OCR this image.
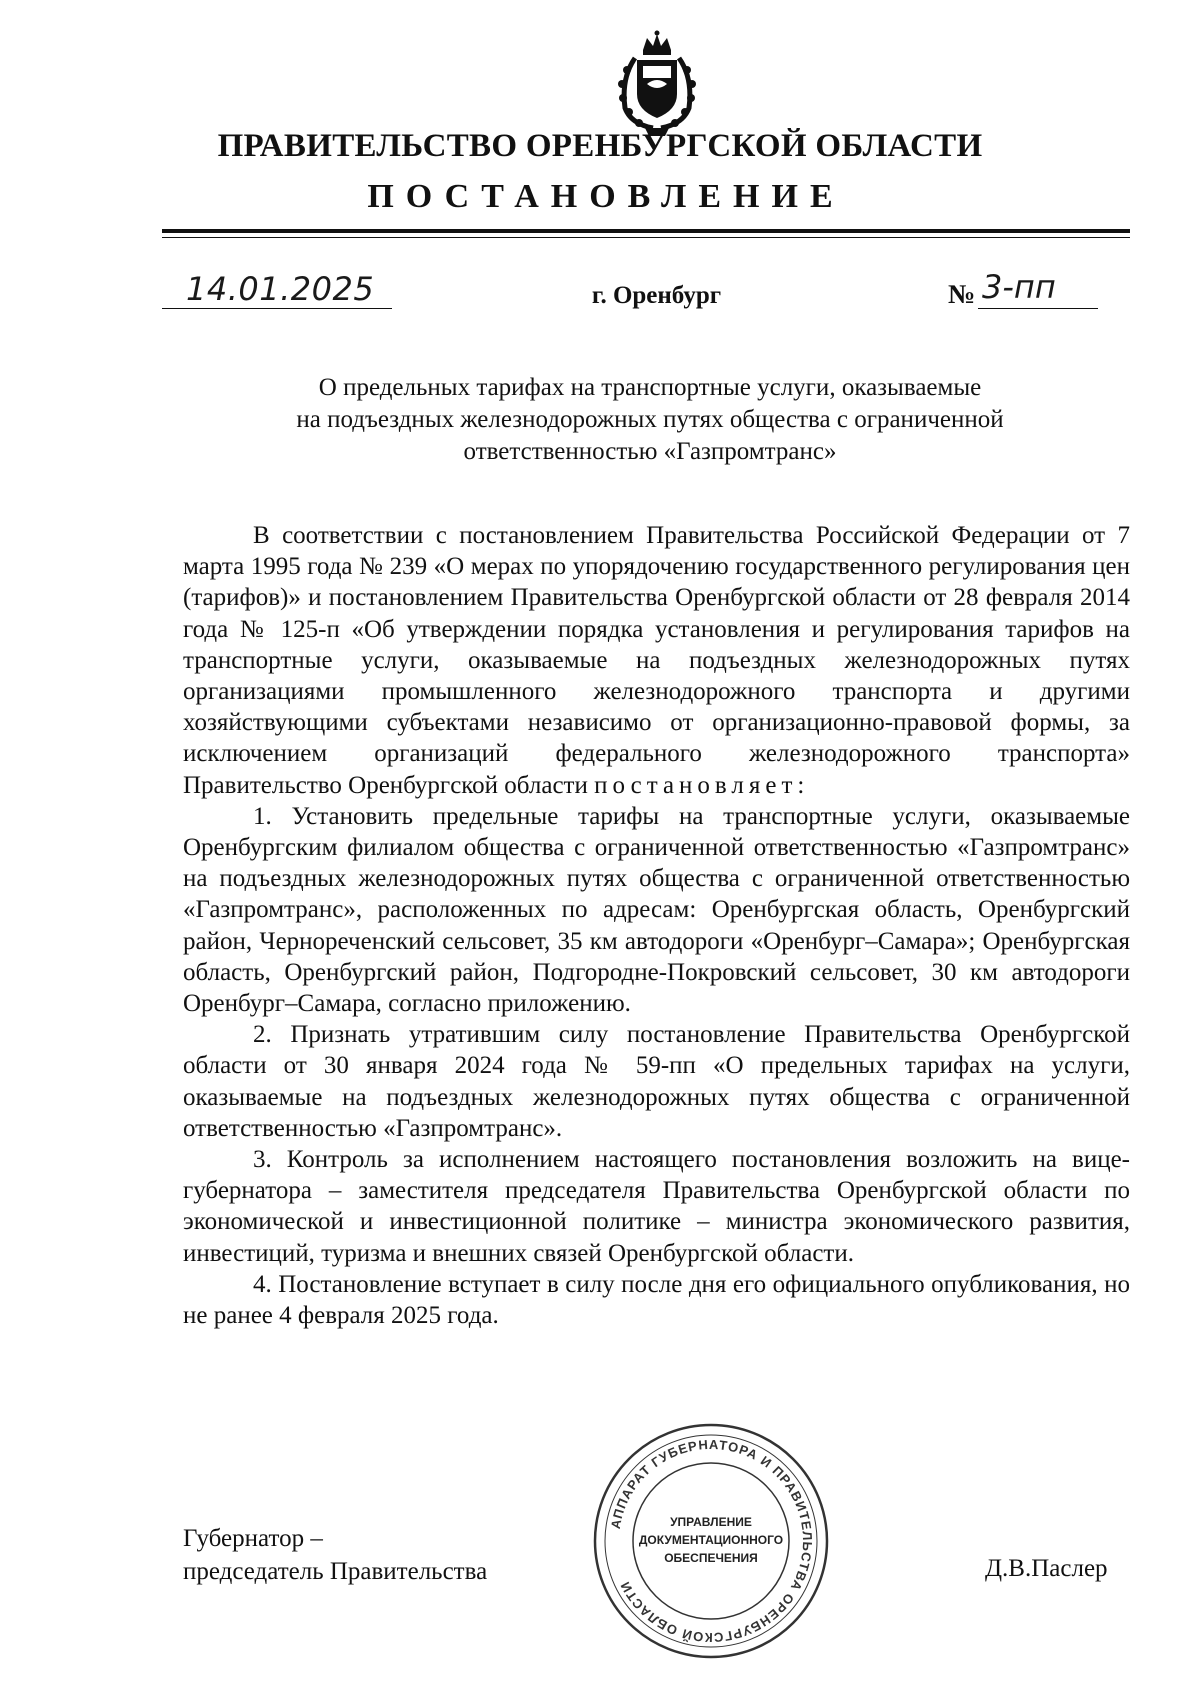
ПРАВИТЕЛЬСТВО ОРЕНБУРГСКОЙ ОБЛАСТИ
ПОСТАНОВЛЕНИЕ
14.01.2025	г. Оренбург	№ 3-пп
О предельных тарифах на транспортные услуги, оказываемые
на подъездных железнодорожных путях общества с ограниченной
ответственностью «Газпромтранс»

В соответствии с постановлением Правительства Российской Федерации от 7 марта 1995 года № 239 «О мерах по упорядочению государственного регулирования цен (тарифов)» и постановлением Правительства Оренбургской области от 28 февраля 2014 года № 125-п «Об утверждении порядка установления и регулирования тарифов на транспортные услуги, оказываемые на подъездных железнодорожных путях организациями промышленного железнодорожного транспорта и другими хозяйствующими субъектами независимо от организационно-правовой формы, за исключением организаций федерального железнодорожного транспорта» Правительство Оренбургской области постановляет:

1. Установить предельные тарифы на транспортные услуги, оказываемые Оренбургским филиалом общества с ограниченной ответственностью «Газпромтранс» на подъездных железнодорожных путях общества с ограниченной ответственностью «Газпромтранс», расположенных по адресам: Оренбургская область, Оренбургский район, Чернореченский сельсовет, 35 км автодороги «Оренбург–Самара»; Оренбургская область, Оренбургский район, Подгородне-Покровский сельсовет, 30 км автодороги Оренбург–Самара, согласно приложению.

2. Признать утратившим силу постановление Правительства Оренбургской области от 30 января 2024 года № 59-пп «О предельных тарифах на услуги, оказываемые на подъездных железнодорожных путях общества с ограниченной ответственностью «Газпромтранс».

3. Контроль за исполнением настоящего постановления возложить на вице-губернатора – заместителя председателя Правительства Оренбургской области по экономической и инвестиционной политике – министра экономического развития, инвестиций, туризма и внешних связей Оренбургской области.

4. Постановление вступает в силу после дня его официального опубликования, но не ранее 4 февраля 2025 года.

Губернатор –
председатель Правительства	Д.В.Паслер
АППАРАТ ГУБЕРНАТОРА И ПРАВИТЕЛЬСТВА ОРЕНБУРГСКОЙ ОБЛАСТИ
УПРАВЛЕНИЕ
ДОКУМЕНТАЦИОННОГО
ОБЕСПЕЧЕНИЯ
